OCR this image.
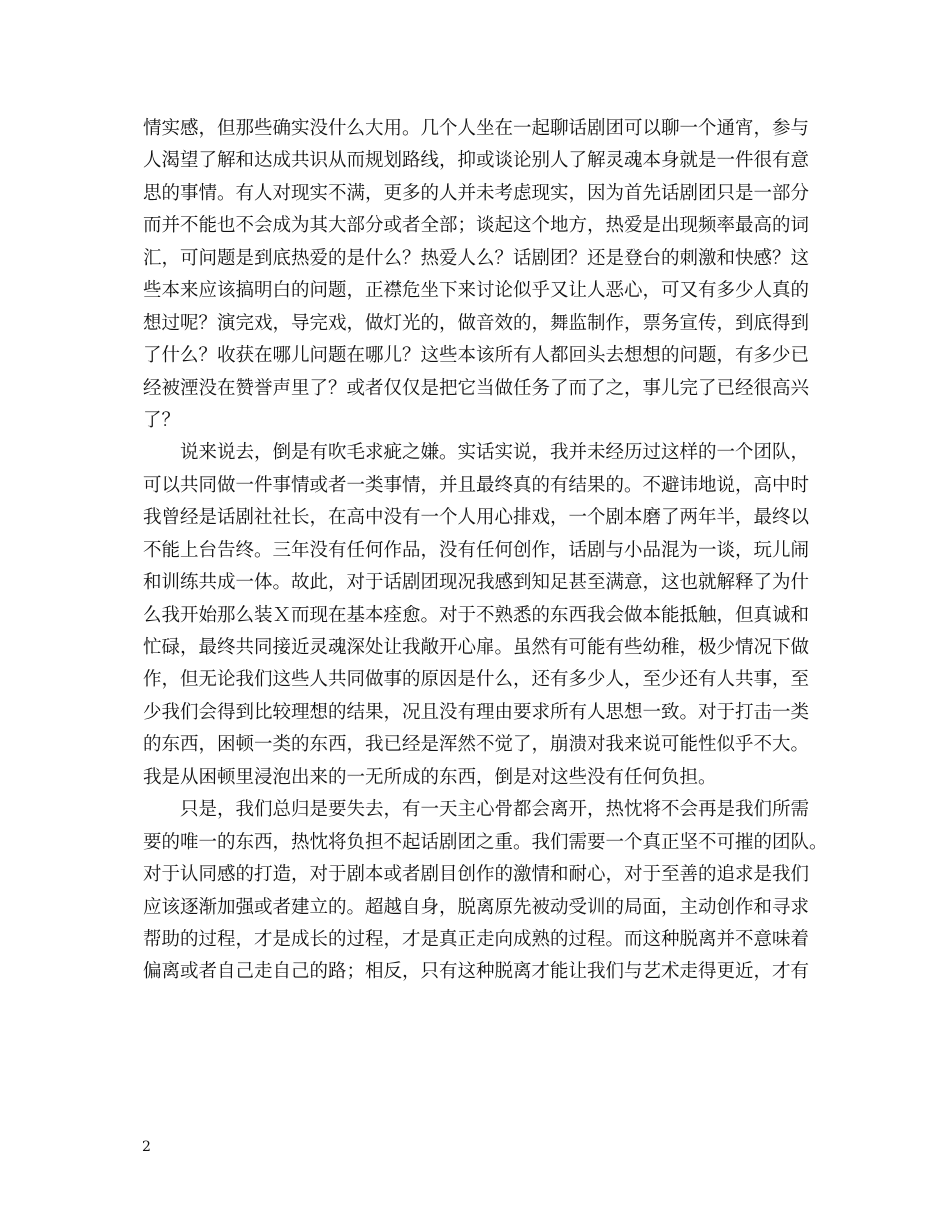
情实感，但那些确实没什么大用。几个人坐在一起聊话剧团可以聊一个通宵，参与
人渴望了解和达成共识从而规划路线，抑或谈论别人了解灵魂本身就是一件很有意
思的事情。有人对现实不满，更多的人并未考虑现实，因为首先话剧团只是一部分
而并不能也不会成为其大部分或者全部；谈起这个地方，热爱是出现频率最高的词
汇，可问题是到底热爱的是什么？热爱人么？话剧团？还是登台的刺激和快感？这
些本来应该搞明白的问题，正襟危坐下来讨论似乎又让人恶心，可又有多少人真的
想过呢？演完戏，导完戏，做灯光的，做音效的，舞监制作，票务宣传，到底得到
了什么？收获在哪儿问题在哪儿？这些本该所有人都回头去想想的问题，有多少已
经被湮没在赞誉声里了？或者仅仅是把它当做任务了而了之，事儿完了已经很高兴
了？
说来说去，倒是有吹毛求疵之嫌。实话实说，我并未经历过这样的一个团队，
可以共同做一件事情或者一类事情，并且最终真的有结果的。不避讳地说，高中时
我曾经是话剧社社长，在高中没有一个人用心排戏，一个剧本磨了两年半，最终以
不能上台告终。三年没有任何作品，没有任何创作，话剧与小品混为一谈，玩儿闹
和训练共成一体。故此，对于话剧团现况我感到知足甚至满意，这也就解释了为什
么我开始那么装Ｘ而现在基本痊愈。对于不熟悉的东西我会做本能抵触，但真诚和
忙碌，最终共同接近灵魂深处让我敞开心扉。虽然有可能有些幼稚，极少情况下做
作，但无论我们这些人共同做事的原因是什么，还有多少人，至少还有人共事，至
少我们会得到比较理想的结果，况且没有理由要求所有人思想一致。对于打击一类
的东西，困顿一类的东西，我已经是浑然不觉了，崩溃对我来说可能性似乎不大。
我是从困顿里浸泡出来的一无所成的东西，倒是对这些没有任何负担。
只是，我们总归是要失去，有一天主心骨都会离开，热忱将不会再是我们所需
要的唯一的东西，热忱将负担不起话剧团之重。我们需要一个真正坚不可摧的团队。
对于认同感的打造，对于剧本或者剧目创作的激情和耐心，对于至善的追求是我们
应该逐渐加强或者建立的。超越自身，脱离原先被动受训的局面，主动创作和寻求
帮助的过程，才是成长的过程，才是真正走向成熟的过程。而这种脱离并不意味着
偏离或者自己走自己的路；相反，只有这种脱离才能让我们与艺术走得更近，才有
2
